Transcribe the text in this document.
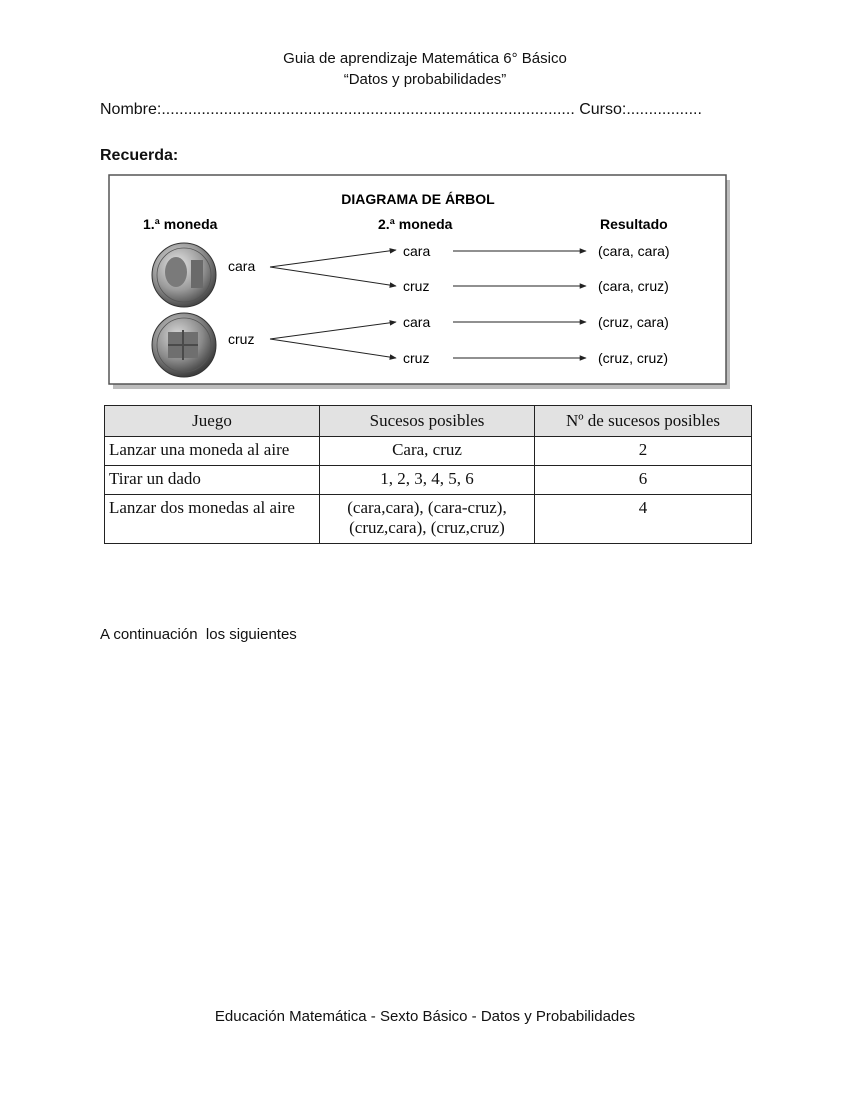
Guia de aprendizaje Matemática 6° Básico
“Datos y probabilidades”
Nombre:............................................................................................. Curso:.................
Recuerda:
DIAGRAMA DE ÁRBOL
1.ª moneda	2.ª moneda	Resultado
cara
cruz
cara
cruz
cara
cruz
(cara, cara)
(cara, cruz)
(cruz, cara)
(cruz, cruz)
Juego	Sucesos posibles	Nº de sucesos posibles
Lanzar una moneda al aire	Cara, cruz	2
Tirar un dado	1, 2, 3, 4, 5, 6	6
Lanzar dos monedas al aire	(cara,cara), (cara-cruz),
(cruz,cara), (cruz,cruz)	4
A continuación  los siguientes
Educación Matemática - Sexto Básico - Datos y Probabilidades
